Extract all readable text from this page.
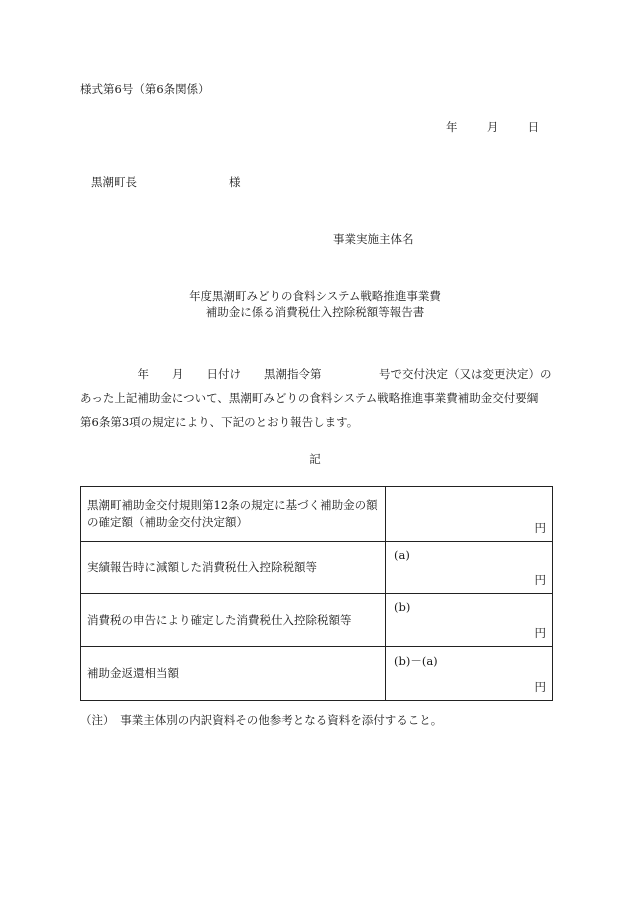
様式第6号（第6条関係）
年	月	日
黒潮町長	様
事業実施主体名
年度黒潮町みどりの食料システム戦略推進事業費
補助金に係る消費税仕入控除税額等報告書

　　　　　年　　月　　日付け　　黒潮指令第　　　　　号で交付決定（又は変更決定）の

あった上記補助金について、黒潮町みどりの食料システム戦略推進事業費補助金交付要綱

第6条第3項の規定により、下記のとおり報告します。

記
黒潮町補助金交付規則第12条の規定に基づく補助金の額の確定額（補助金交付決定額）	円

実績報告時に減額した消費税仕入控除税額等	(a)
円

消費税の申告により確定した消費税仕入控除税額等	(b)
円

補助金返還相当額	(b)－(a)
円
（注）　事業主体別の内訳資料その他参考となる資料を添付すること。
